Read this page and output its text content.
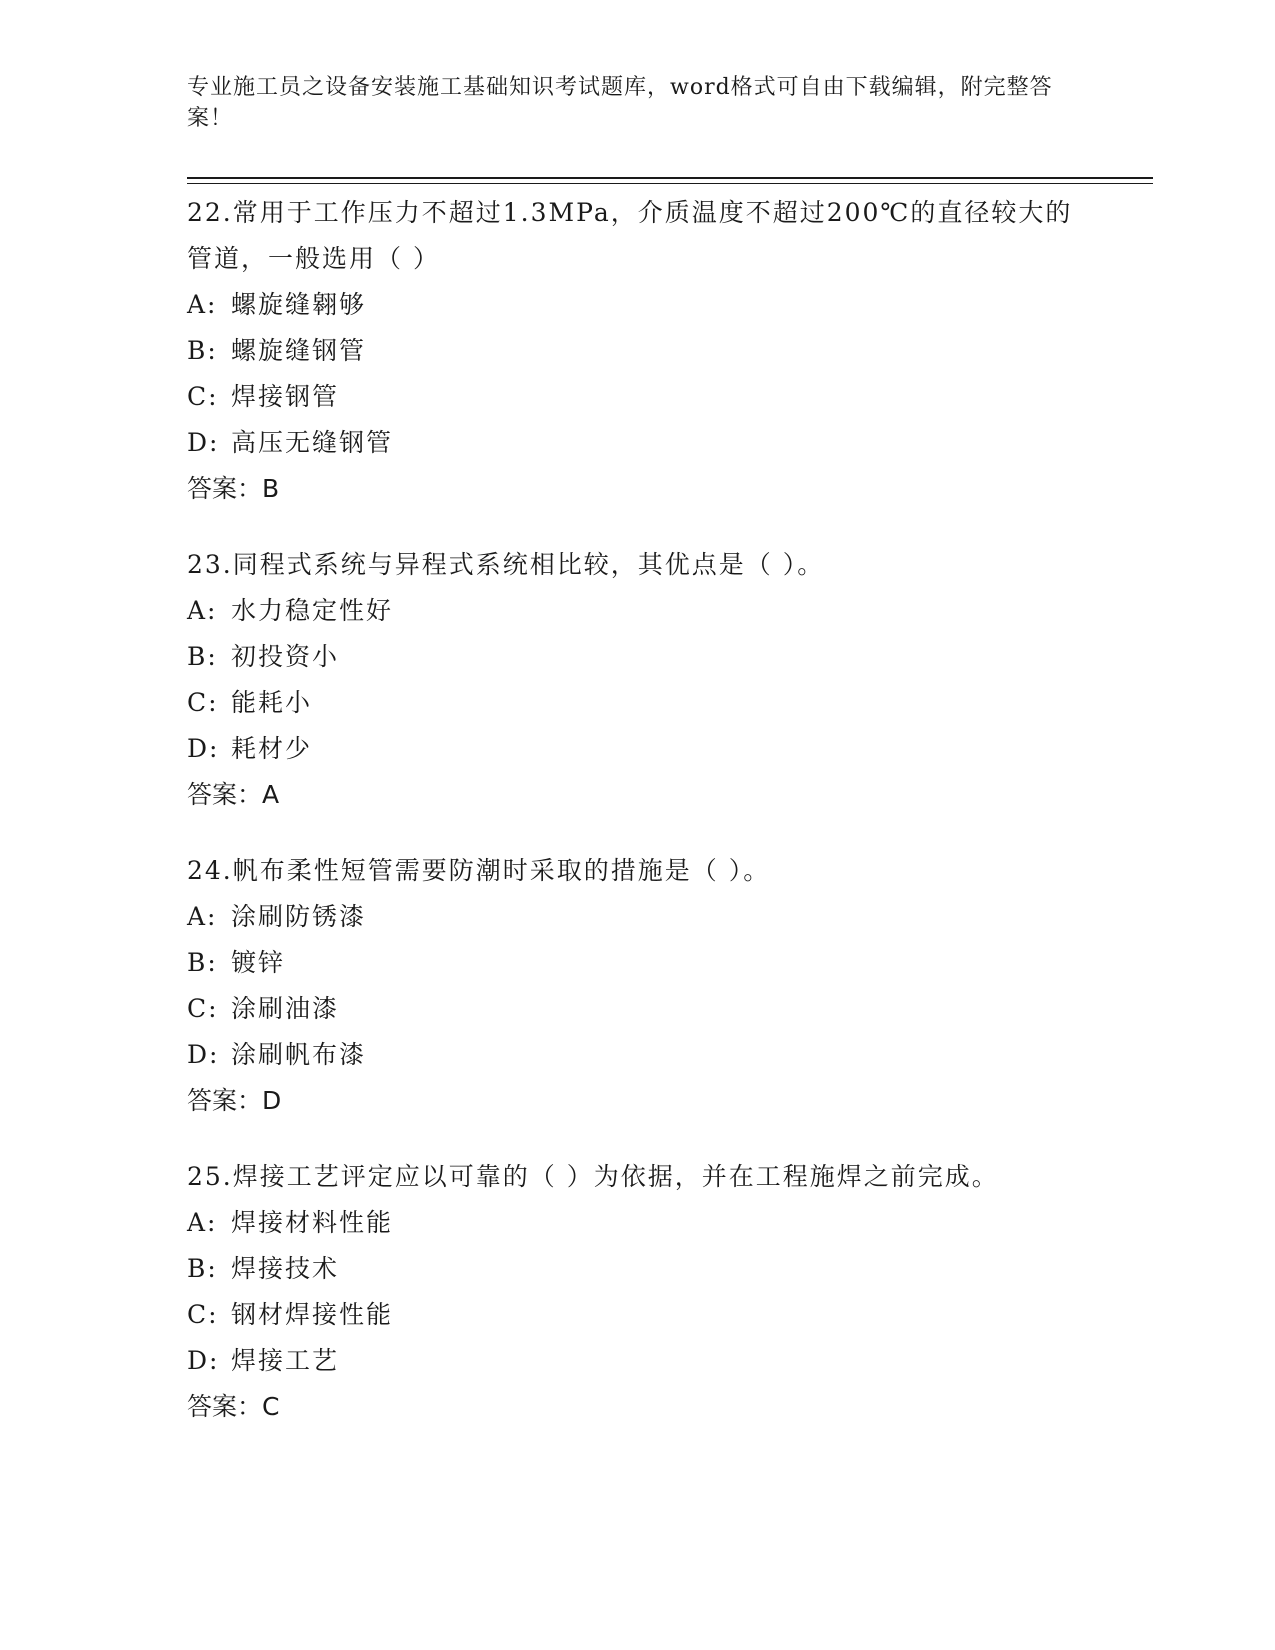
专业施工员之设备安装施工基础知识考试题库，word格式可自由下载编辑，附完整答案！

22.常用于工作压力不超过1.3MPa，介质温度不超过200℃的直径较大的管道，一般选用（ ）

A: 螺旋缝翱够

B: 螺旋缝钢管

C: 焊接钢管

D: 高压无缝钢管

答案：B

23.同程式系统与异程式系统相比较，其优点是（ ）。

A: 水力稳定性好

B: 初投资小

C: 能耗小

D: 耗材少

答案：A

24.帆布柔性短管需要防潮时采取的措施是（ ）。

A: 涂刷防锈漆

B: 镀锌

C: 涂刷油漆

D: 涂刷帆布漆

答案：D

25.焊接工艺评定应以可靠的（ ）为依据，并在工程施焊之前完成。

A: 焊接材料性能

B: 焊接技术

C: 钢材焊接性能

D: 焊接工艺

答案：C
